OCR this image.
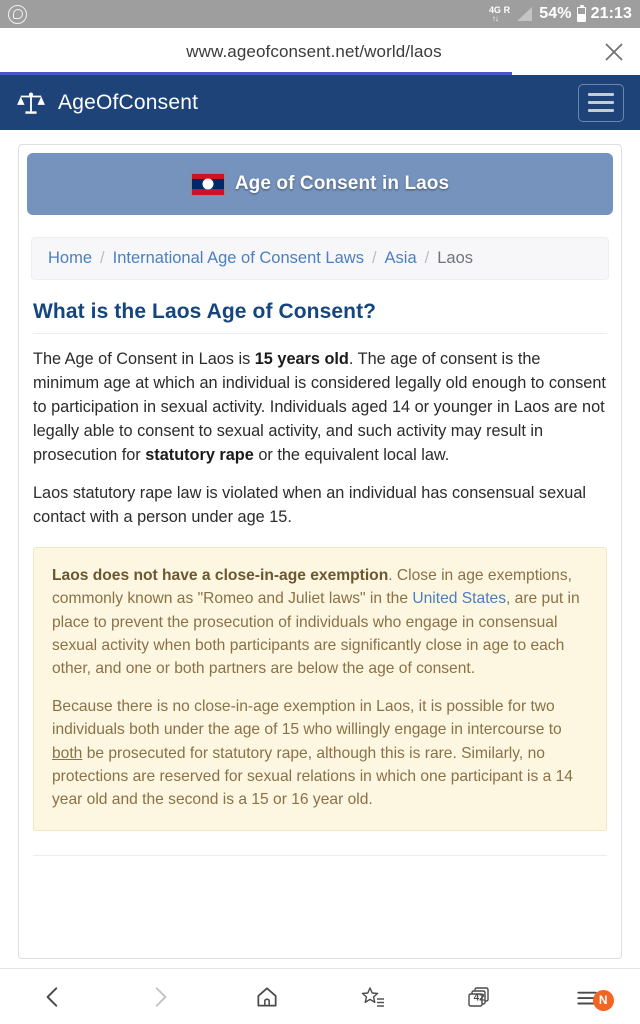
4G
↑↓
R 54% 21:13
www.ageofconsent.net/world/laos
AgeOfConsent
Age of Consent in Laos
Home / International Age of Consent Laws / Asia / Laos
What is the Laos Age of Consent?

The Age of Consent in Laos is 15 years old. The age of consent is the minimum age at which an individual is considered legally old enough to consent to participation in sexual activity. Individuals aged 14 or younger in Laos are not legally able to consent to sexual activity, and such activity may result in prosecution for statutory rape or the equivalent local law.

Laos statutory rape law is violated when an individual has consensual sexual contact with a person under age 15.

Laos does not have a close-in-age exemption. Close in age exemptions, commonly known as "Romeo and Juliet laws" in the United States, are put in place to prevent the prosecution of individuals who engage in consensual sexual activity when both participants are significantly close in age to each other, and one or both partners are below the age of consent.

Because there is no close-in-age exemption in Laos, it is possible for two individuals both under the age of 15 who willingly engage in intercourse to both be prosecuted for statutory rape, although this is rare. Similarly, no protections are reserved for sexual relations in which one participant is a 14 year old and the second is a 15 or 16 year old.

42	N
